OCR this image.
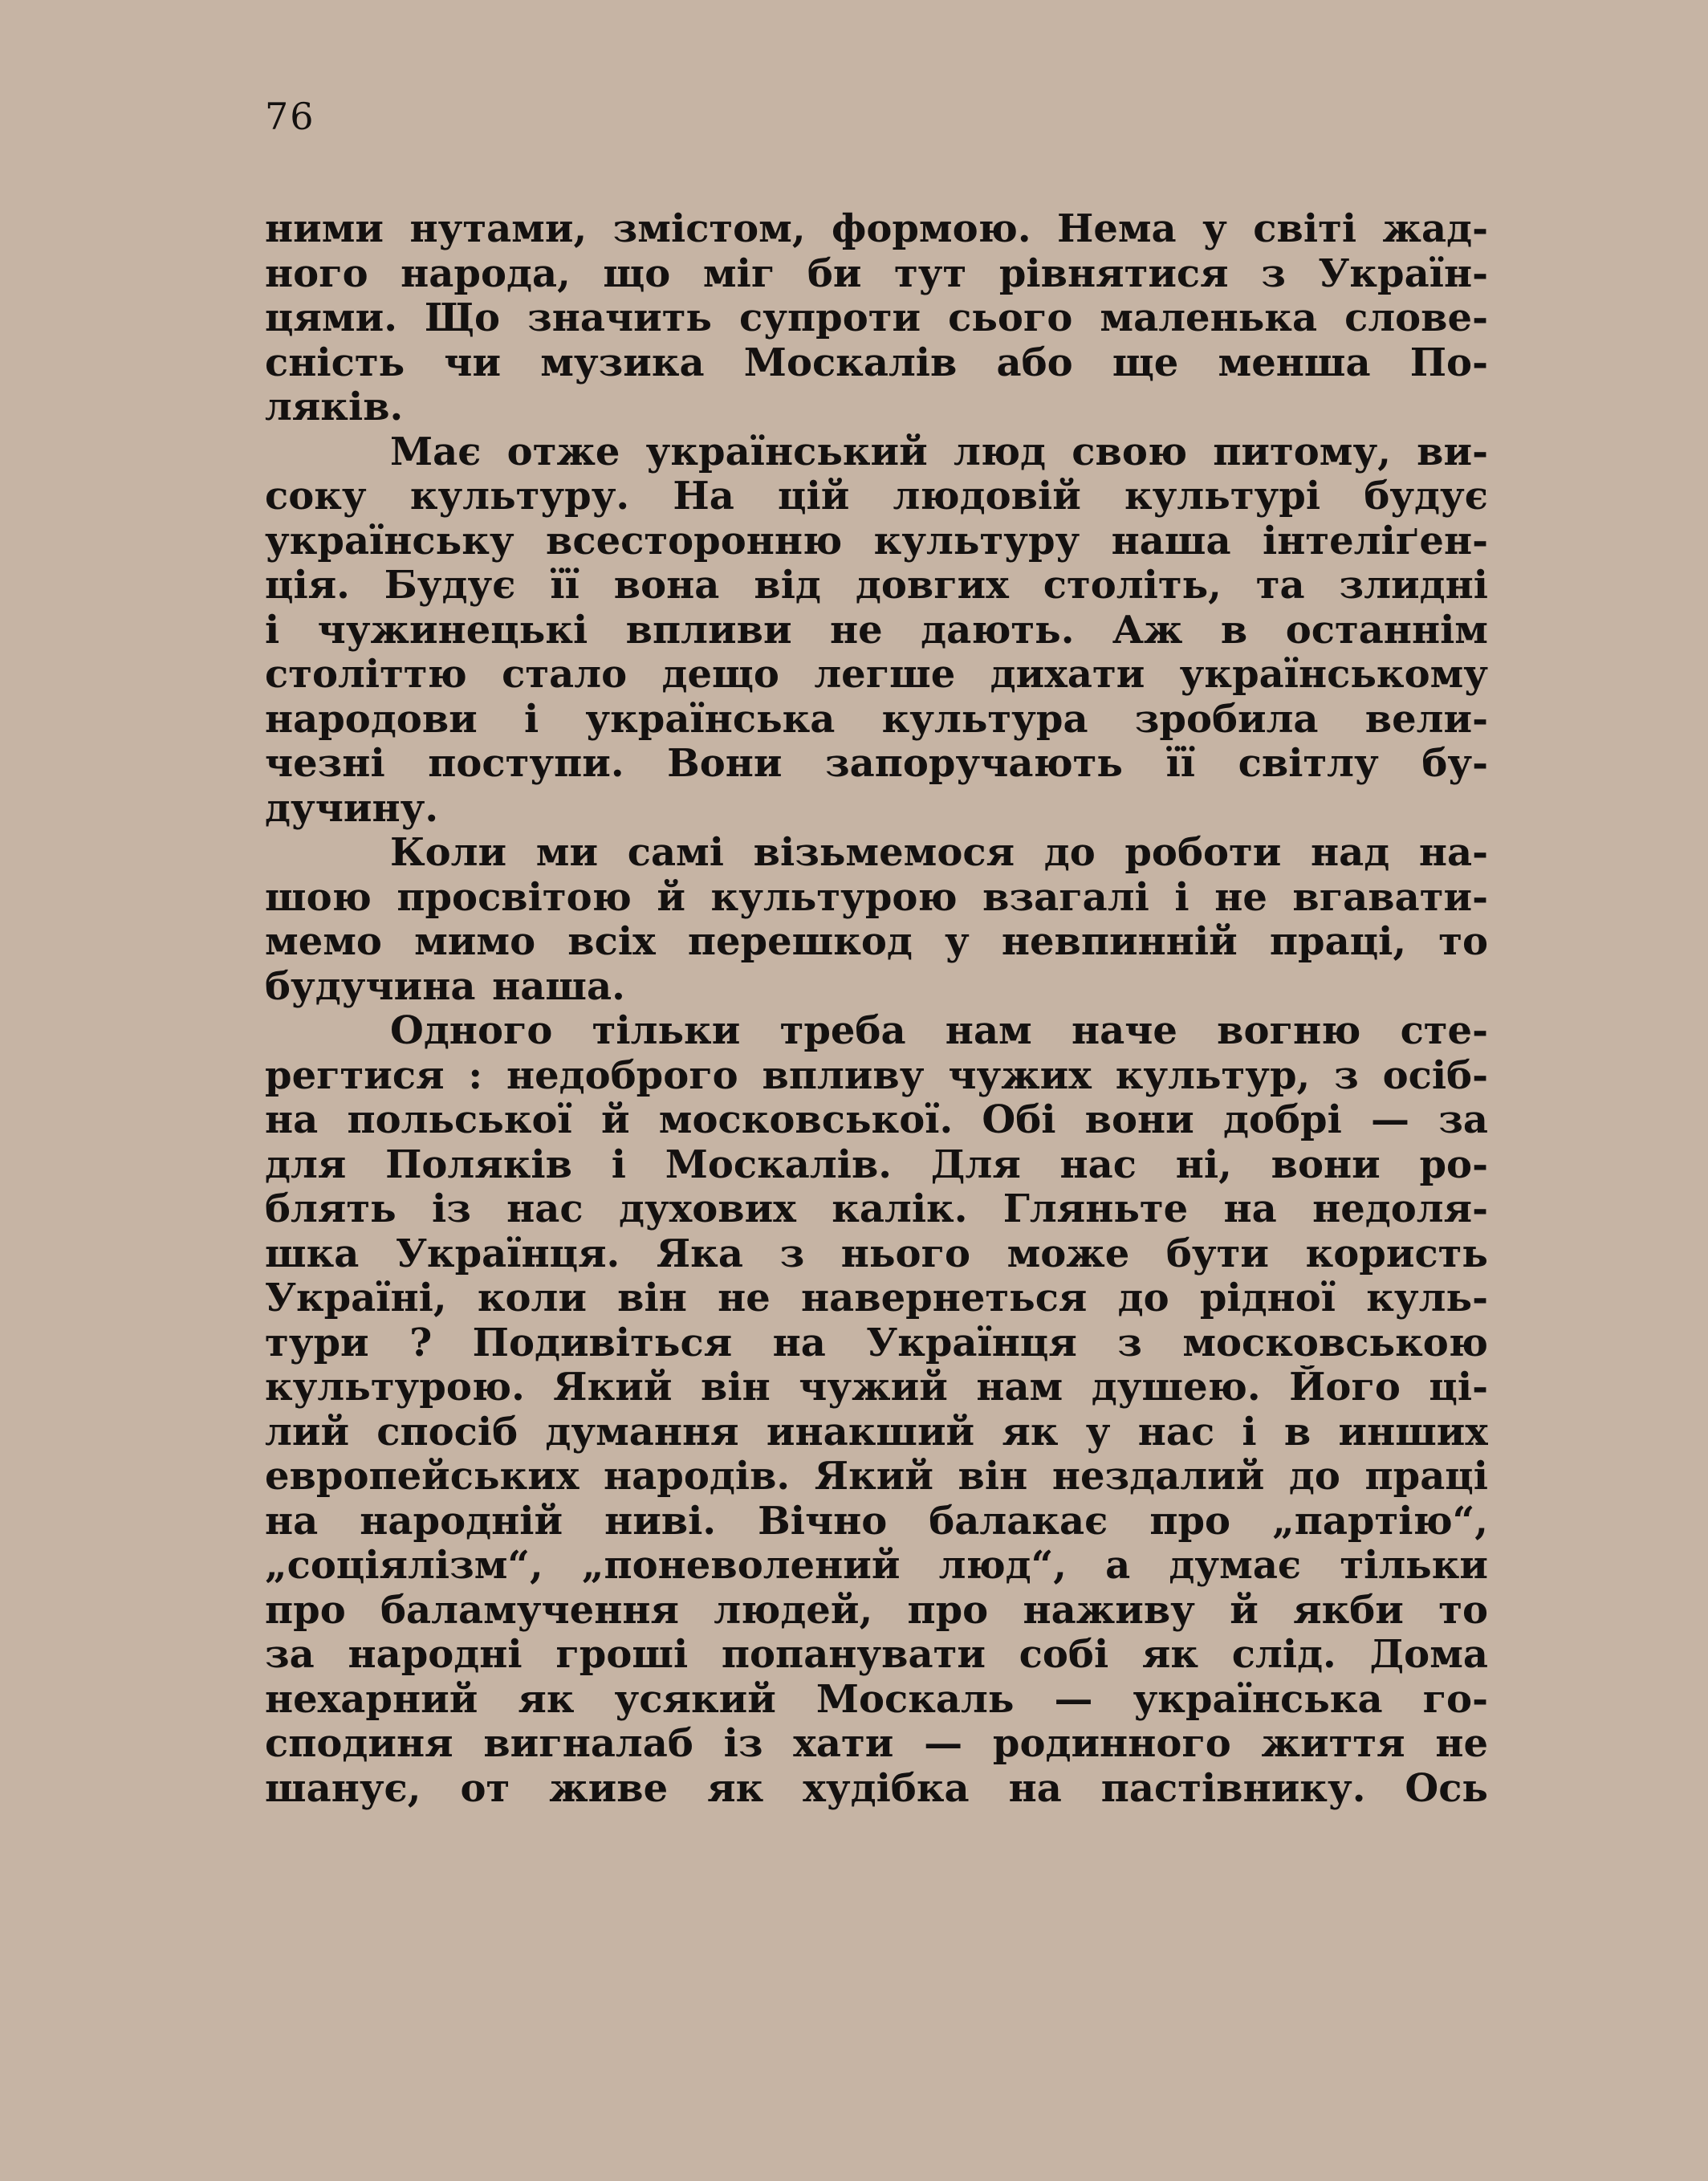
76
ними нутами, змістом, формою. Нема у світі жад-
ного народа, що міг би тут рівнятися з Україн-
цями. Що значить супроти сього маленька слове-
сність чи музика Москалів або ще менша По-
ляків.
Має отже український люд свою питому, ви-
соку культуру. На цій людовій культурі будує
українську всесторонню культуру наша інтеліґен-
ція. Будує її вона від довгих століть, та злидні
і чужинецькі впливи не дають. Аж в останнім
століттю стало дещо легше дихати українському
народови і українська культура зробила вели-
чезні поступи. Вони запоручають її світлу бу-
дучину.
Коли ми самі візьмемося до роботи над на-
шою просвітою й культурою взагалі і не вгавати-
мемо мимо всіх перешкод у невпинній праці, то
будучина наша.
Одного тільки треба нам наче вогню сте-
регтися : недоброго впливу чужих культур, з осіб-
на польської й московської. Обі вони добрі — за
для Поляків і Москалів. Для нас ні, вони ро-
блять із нас духових калік. Гляньте на недоля-
шка Українця. Яка з нього може бути користь
Україні, коли він не навернеться до рідної куль-
тури ? Подивіться на Українця з московською
культурою. Який він чужий нам душею. Його ці-
лий спосіб думання инакший як у нас і в инших
европейських народів. Який він нездалий до праці
на народній ниві. Вічно балакає про „партію“,
„соціялізм“, „поневолений люд“, а думає тільки
про баламучення людей, про наживу й якби то
за народні гроші попанувати собі як слід. Дома
нехарний як усякий Москаль — українська го-
сподиня вигналаб із хати — родинного життя не
шанує, от живе як худібка на пастівнику. Ось
